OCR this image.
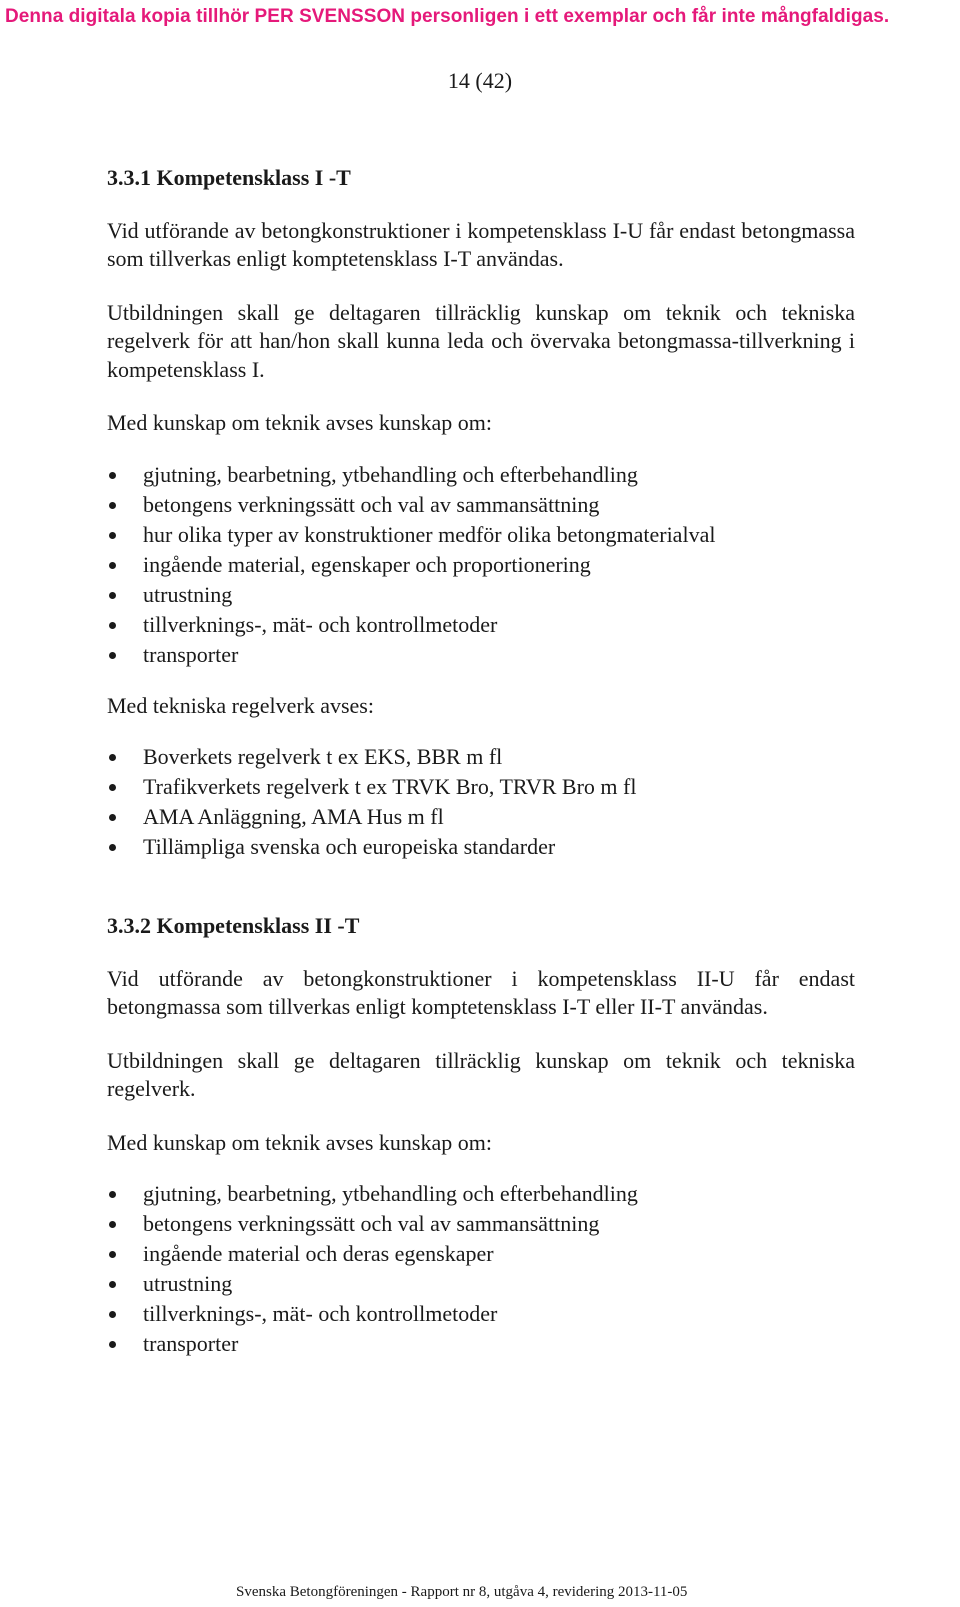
Denna digitala kopia tillhör PER SVENSSON personligen i ett exemplar och får inte mångfaldigas.
14 (42)
3.3.1 Kompetensklass I -T

Vid utförande av betongkonstruktioner i kompetensklass I-U får endast betongmassa som tillverkas enligt komptetensklass I-T användas.

Utbildningen skall ge deltagaren tillräcklig kunskap om teknik och tekniska regelverk för att han/hon skall kunna leda och övervaka betongmassa-tillverkning i kompetensklass I.

Med kunskap om teknik avses kunskap om:

gjutning, bearbetning, ytbehandling och efterbehandling
betongens verkningssätt och val av sammansättning
hur olika typer av konstruktioner medför olika betongmaterialval
ingående material, egenskaper och proportionering
utrustning
tillverknings-, mät- och kontrollmetoder
transporter

Med tekniska regelverk avses:

Boverkets regelverk t ex EKS, BBR m fl
Trafikverkets regelverk t ex TRVK Bro, TRVR Bro m fl
AMA Anläggning, AMA Hus m fl
Tillämpliga svenska och europeiska standarder
3.3.2 Kompetensklass II -T

Vid utförande av betongkonstruktioner i kompetensklass II-U får endast betongmassa som tillverkas enligt komptetensklass I-T eller II-T användas.

Utbildningen skall ge deltagaren tillräcklig kunskap om teknik och tekniska regelverk.

Med kunskap om teknik avses kunskap om:

gjutning, bearbetning, ytbehandling och efterbehandling
betongens verkningssätt och val av sammansättning
ingående material och deras egenskaper
utrustning
tillverknings-, mät- och kontrollmetoder
transporter
Svenska Betongföreningen - Rapport nr 8, utgåva 4, revidering 2013-11-05
